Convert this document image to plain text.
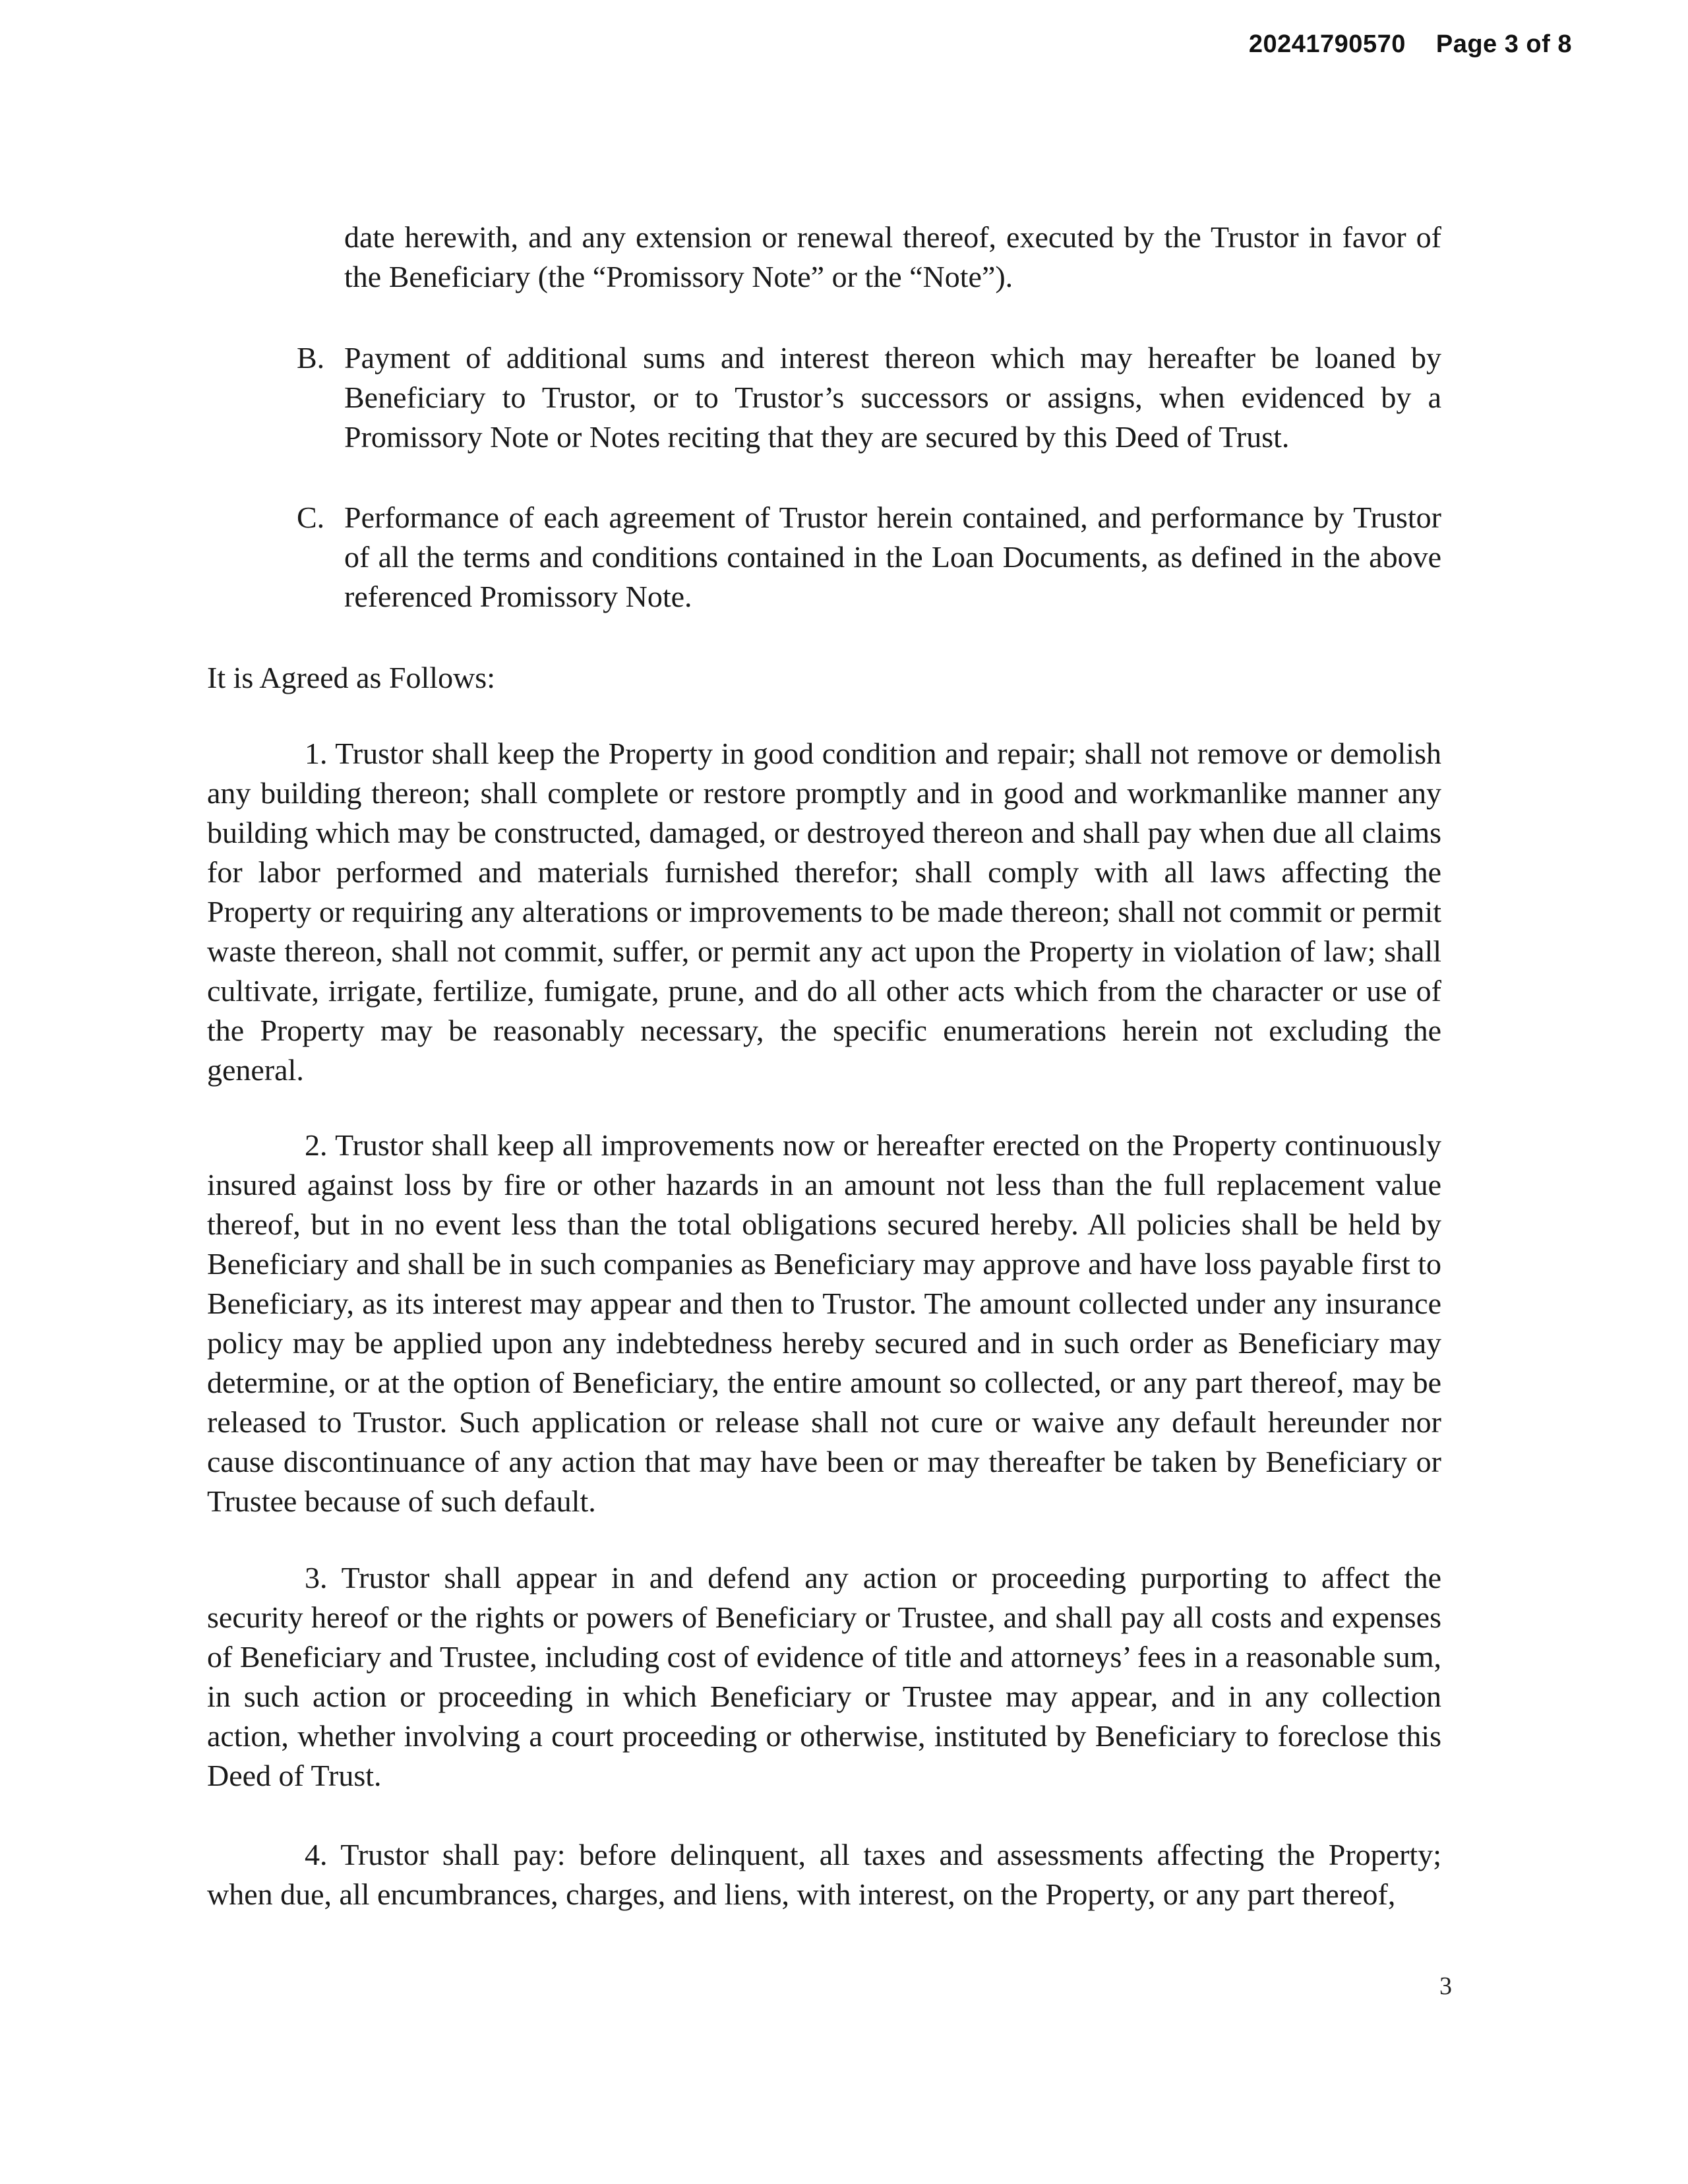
20241790570 Page 3 of 8
date herewith, and any extension or renewal thereof, executed by the Trustor in favor of the Beneficiary (the “Promissory Note” or the “Note”).
B. Payment of additional sums and interest thereon which may hereafter be loaned by Beneficiary to Trustor, or to Trustor’s successors or assigns, when evidenced by a Promissory Note or Notes reciting that they are secured by this Deed of Trust.
C. Performance of each agreement of Trustor herein contained, and performance by Trustor of all the terms and conditions contained in the Loan Documents, as defined in the above referenced Promissory Note.
It is Agreed as Follows:
1. Trustor shall keep the Property in good condition and repair; shall not remove or demolish any building thereon; shall complete or restore promptly and in good and workmanlike manner any building which may be constructed, damaged, or destroyed thereon and shall pay when due all claims for labor performed and materials furnished therefor; shall comply with all laws affecting the Property or requiring any alterations or improvements to be made thereon; shall not commit or permit waste thereon, shall not commit, suffer, or permit any act upon the Property in violation of law; shall cultivate, irrigate, fertilize, fumigate, prune, and do all other acts which from the character or use of the Property may be reasonably necessary, the specific enumerations herein not excluding the general.
2. Trustor shall keep all improvements now or hereafter erected on the Property continuously insured against loss by fire or other hazards in an amount not less than the full replacement value thereof, but in no event less than the total obligations secured hereby. All policies shall be held by Beneficiary and shall be in such companies as Beneficiary may approve and have loss payable first to Beneficiary, as its interest may appear and then to Trustor. The amount collected under any insurance policy may be applied upon any indebtedness hereby secured and in such order as Beneficiary may determine, or at the option of Beneficiary, the entire amount so collected, or any part thereof, may be released to Trustor. Such application or release shall not cure or waive any default hereunder nor cause discontinuance of any action that may have been or may thereafter be taken by Beneficiary or Trustee because of such default.
3. Trustor shall appear in and defend any action or proceeding purporting to affect the security hereof or the rights or powers of Beneficiary or Trustee, and shall pay all costs and expenses of Beneficiary and Trustee, including cost of evidence of title and attorneys’ fees in a reasonable sum, in such action or proceeding in which Beneficiary or Trustee may appear, and in any collection action, whether involving a court proceeding or otherwise, instituted by Beneficiary to foreclose this Deed of Trust.
4. Trustor shall pay: before delinquent, all taxes and assessments affecting the Property; when due, all encumbrances, charges, and liens, with interest, on the Property, or any part thereof,
3
